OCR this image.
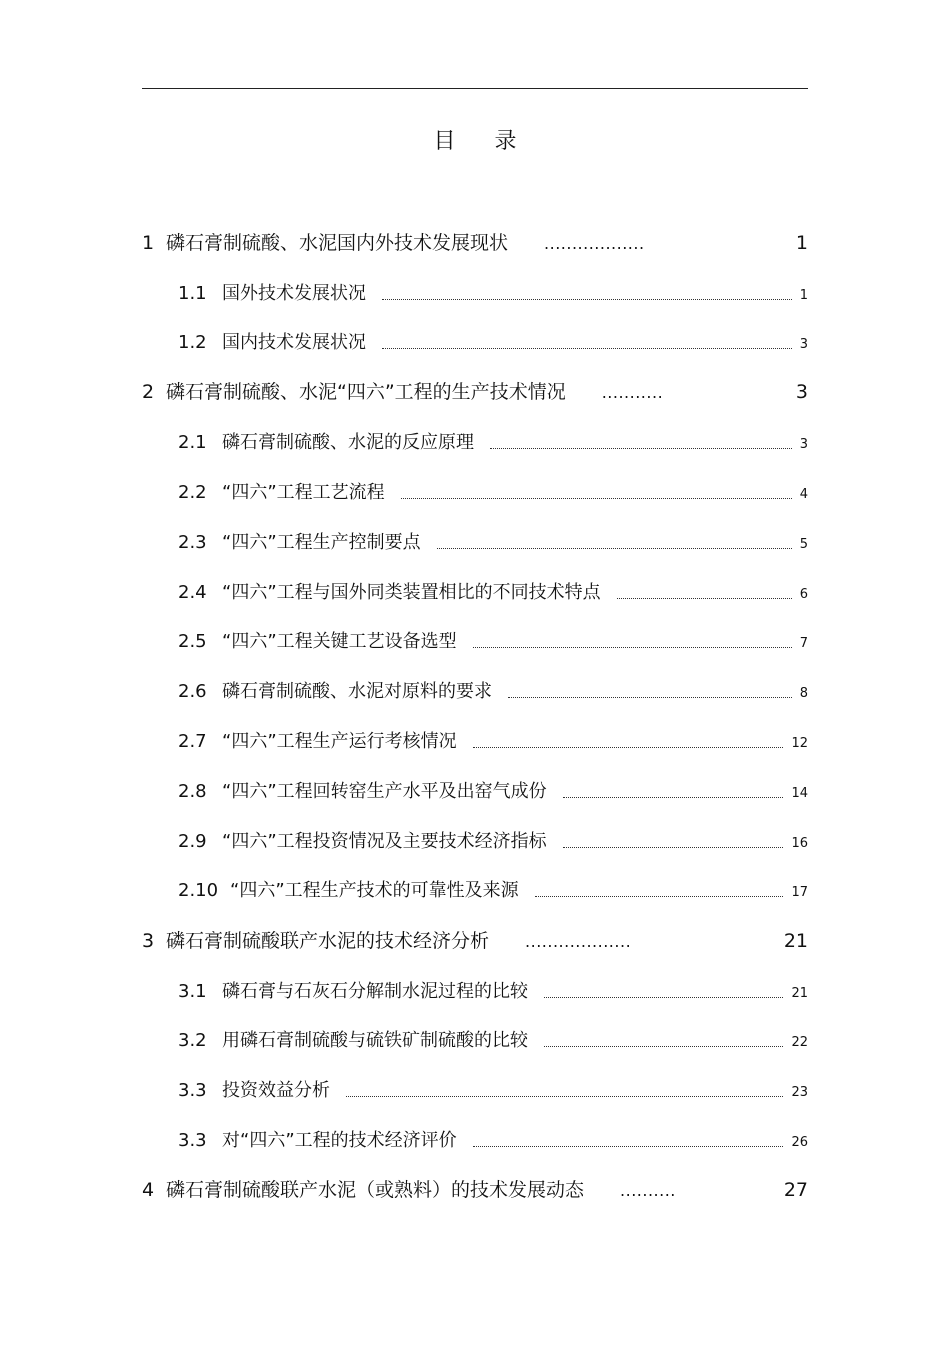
目 录
1 磷石膏制硫酸、水泥国内外技术发展现状 ..................	1
1.1 国外技术发展状况	1
1.2 国内技术发展状况	3
2 磷石膏制硫酸、水泥“四六”工程的生产技术情况 ...........	3
2.1 磷石膏制硫酸、水泥的反应原理	3
2.2 “四六”工程工艺流程	4
2.3 “四六”工程生产控制要点	5
2.4 “四六”工程与国外同类装置相比的不同技术特点	6
2.5 “四六”工程关键工艺设备选型	7
2.6 磷石膏制硫酸、水泥对原料的要求	8
2.7 “四六”工程生产运行考核情况	12
2.8 “四六”工程回转窑生产水平及出窑气成份	14
2.9 “四六”工程投资情况及主要技术经济指标	16
2.10 “四六”工程生产技术的可靠性及来源	17
3 磷石膏制硫酸联产水泥的技术经济分析 ...................	21
3.1 磷石膏与石灰石分解制水泥过程的比较	21
3.2 用磷石膏制硫酸与硫铁矿制硫酸的比较	22
3.3 投资效益分析	23
3.3 对“四六”工程的技术经济评价	26
4 磷石膏制硫酸联产水泥（或熟料）的技术发展动态 ..........	27
